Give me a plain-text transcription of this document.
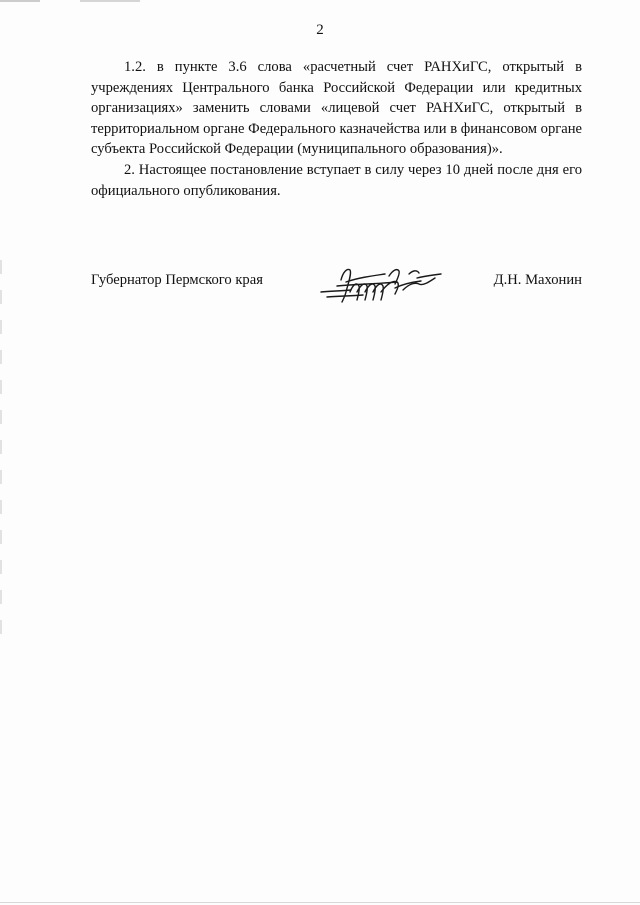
2

1.2. в пункте 3.6 слова «расчетный счет РАНХиГС, открытый в учреждениях Центрального банка Российской Федерации или кредитных организациях» заменить словами «лицевой счет РАНХиГС, открытый в территориальном органе Федерального казначейства или в финансовом органе субъекта Российской Федерации (муниципального образования)».

2. Настоящее постановление вступает в силу через 10 дней после дня его официального опубликования.

Губернатор Пермского края	Д.Н. Махонин
